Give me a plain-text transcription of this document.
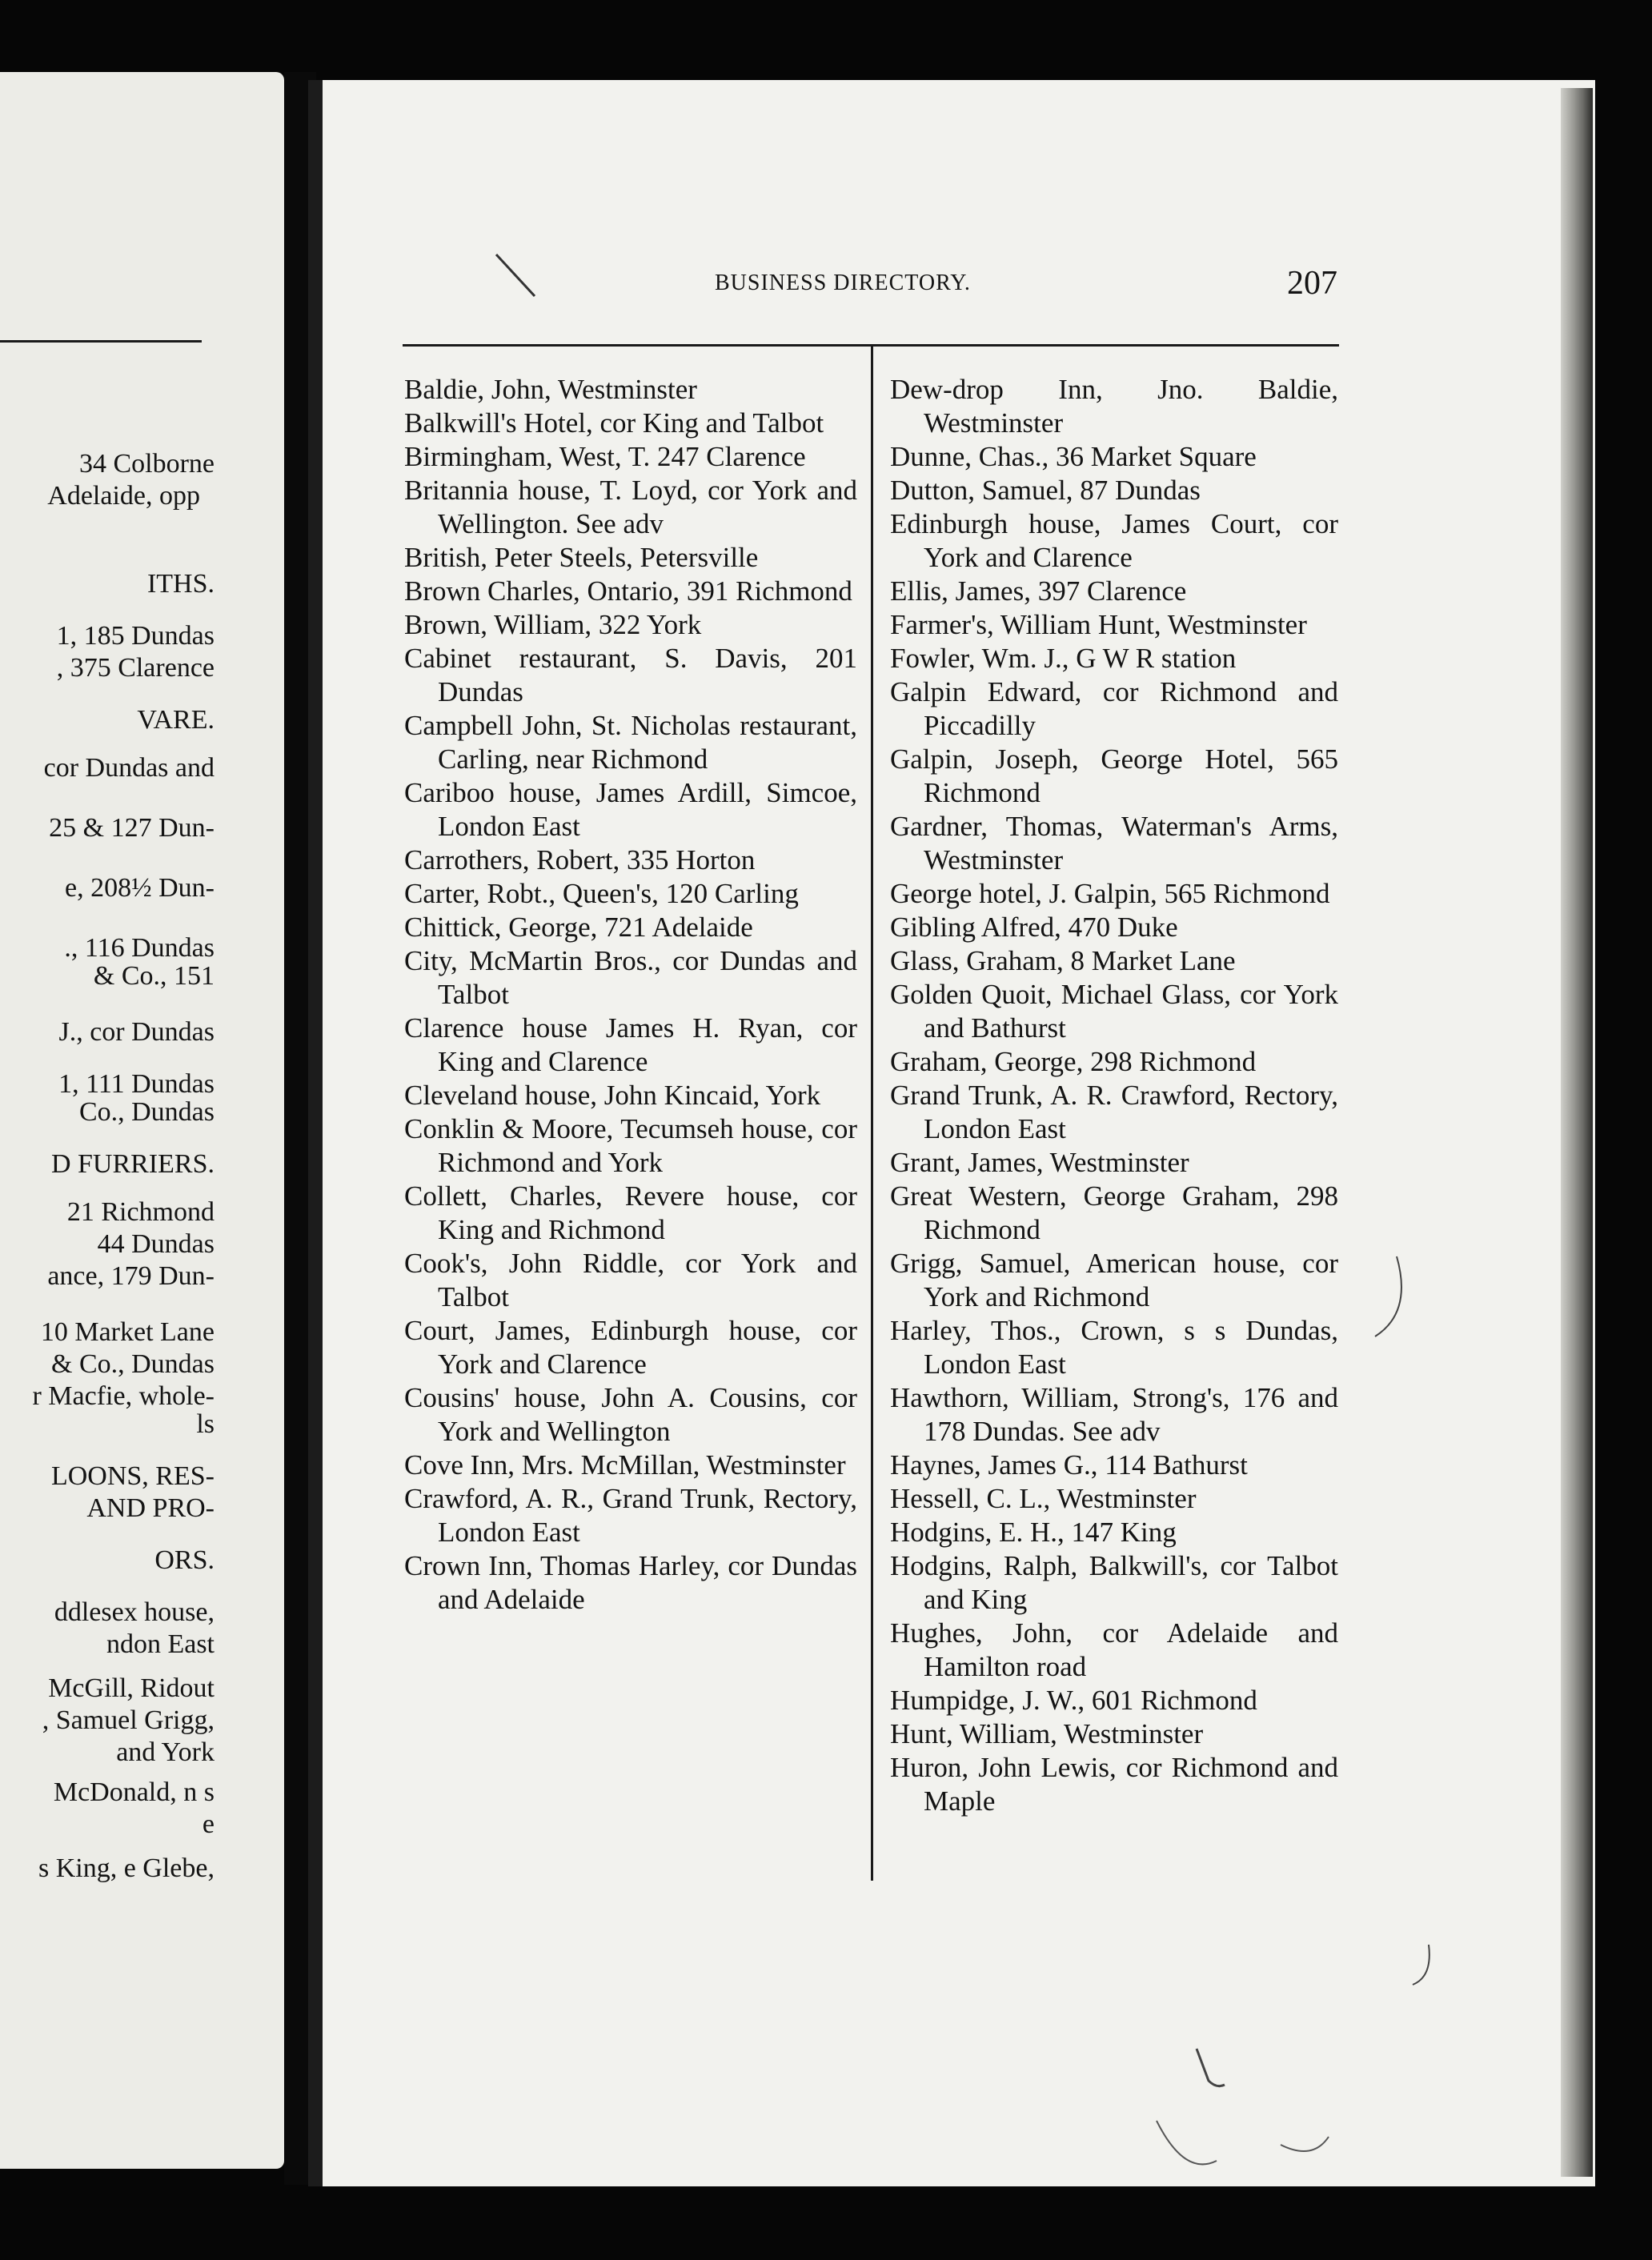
34 Colborne
Adelaide, opp
ITHS.
1, 185 Dundas
, 375 Clarence
VARE.
cor Dundas and
25 & 127 Dun-
e, 208½ Dun-
., 116 Dundas
& Co., 151
J., cor Dundas
1, 111 Dundas
Co., Dundas
D FURRIERS.
21 Richmond
44 Dundas
ance, 179 Dun-
10 Market Lane
& Co., Dundas
r Macfie, whole-
ls
LOONS, RES-
AND PRO-
ORS.
ddlesex house,
ndon East
McGill, Ridout
, Samuel Grigg,
and York
McDonald, n s
e
s King, e Glebe,
BUSINESS DIRECTORY.	207

Baldie, John, Westminster

Balkwill's Hotel, cor King and Talbot

Birmingham, West, T. 247 Clarence

Britannia house, T. Loyd, cor York and Wellington. See adv

British, Peter Steels, Petersville

Brown Charles, Ontario, 391 Richmond

Brown, William, 322 York

Cabinet restaurant, S. Davis, 201 Dundas

Campbell John, St. Nicholas restaurant, Carling, near Richmond

Cariboo house, James Ardill, Simcoe, London East

Carrothers, Robert, 335 Horton

Carter, Robt., Queen's, 120 Carling

Chittick, George, 721 Adelaide

City, McMartin Bros., cor Dundas and Talbot

Clarence house James H. Ryan, cor King and Clarence

Cleveland house, John Kincaid, York

Conklin & Moore, Tecumseh house, cor Richmond and York

Collett, Charles, Revere house, cor King and Richmond

Cook's, John Riddle, cor York and Talbot

Court, James, Edinburgh house, cor York and Clarence

Cousins' house, John A. Cousins, cor York and Wellington

Cove Inn, Mrs. McMillan, Westminster

Crawford, A. R., Grand Trunk, Rectory, London East

Crown Inn, Thomas Harley, cor Dundas and Adelaide

Dew-drop Inn, Jno. Baldie, Westminster

Dunne, Chas., 36 Market Square

Dutton, Samuel, 87 Dundas

Edinburgh house, James Court, cor York and Clarence

Ellis, James, 397 Clarence

Farmer's, William Hunt, Westminster

Fowler, Wm. J., G W R station

Galpin Edward, cor Richmond and Piccadilly

Galpin, Joseph, George Hotel, 565 Richmond

Gardner, Thomas, Waterman's Arms, Westminster

George hotel, J. Galpin, 565 Richmond

Gibling Alfred, 470 Duke

Glass, Graham, 8 Market Lane

Golden Quoit, Michael Glass, cor York and Bathurst

Graham, George, 298 Richmond

Grand Trunk, A. R. Crawford, Rectory, London East

Grant, James, Westminster

Great Western, George Graham, 298 Richmond

Grigg, Samuel, American house, cor York and Richmond

Harley, Thos., Crown, s s Dundas, London East

Hawthorn, William, Strong's, 176 and 178 Dundas. See adv

Haynes, James G., 114 Bathurst

Hessell, C. L., Westminster

Hodgins, E. H., 147 King

Hodgins, Ralph, Balkwill's, cor Talbot and King

Hughes, John, cor Adelaide and Hamilton road

Humpidge, J. W., 601 Richmond

Hunt, William, Westminster

Huron, John Lewis, cor Richmond and Maple
